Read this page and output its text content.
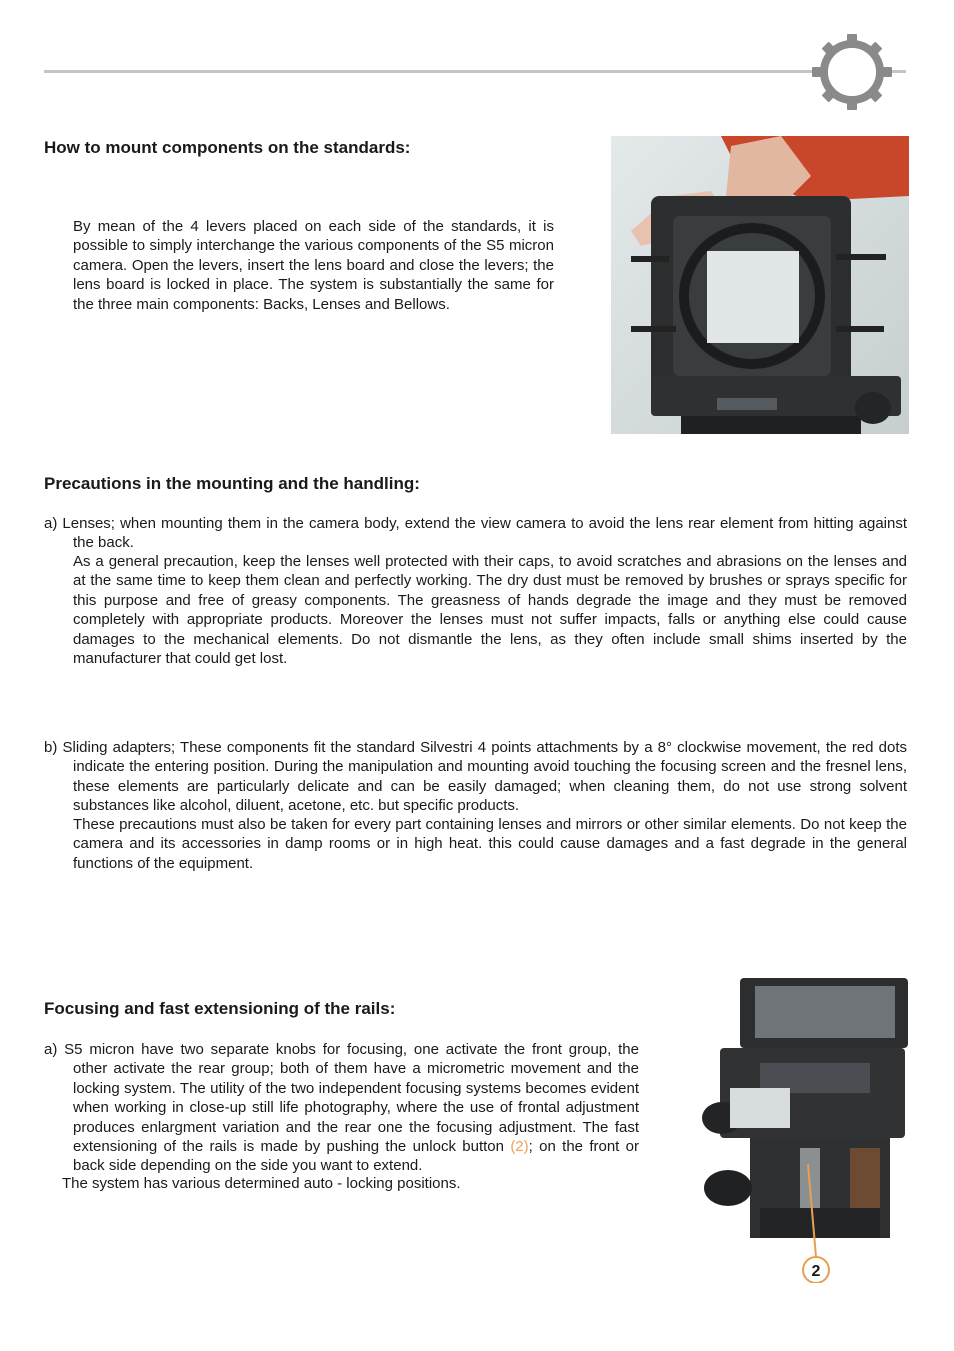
How to mount components on the standards:

By mean of the 4 levers placed on each side of the standards, it is possible to simply interchange the various components of the S5 micron camera. Open the levers, insert the lens board and close the levers; the lens board is locked in place. The system is substantially the same for the three main components: Backs, Lenses and Bellows.

Precautions in the mounting and the handling:

a) Lenses; when mounting them in the camera body, extend the view camera to avoid the lens rear element from hitting against the back.

As a general precaution, keep the lenses well protected with their caps, to avoid scratches and abrasions on the lenses and at the same time to keep them clean and perfectly working. The dry dust must be removed by brushes or sprays specific for this purpose and free of greasy components. The greasness of hands degrade the image and they must be removed completely with appropriate products. Moreover the lenses must not suffer impacts, falls or anything else could cause damages to the mechanical elements. Do not dismantle the lens, as they often include small shims inserted by the manufacturer that could get lost.

b) Sliding adapters; These components fit the standard Silvestri 4 points attachments by a 8° clockwise movement, the red dots indicate the entering position. During the manipulation and mounting avoid touching the focusing screen and the fresnel lens, these elements are particularly delicate and can be easily damaged; when cleaning them, do not use strong solvent substances like alcohol, diluent, acetone, etc. but specific products.

These precautions must also be taken for every part containing lenses and mirrors or other similar elements. Do not keep the camera and its accessories in damp rooms or in high heat. this could cause damages and a fast degrade in the general functions of the equipment.

Focusing and fast extensioning of the rails:

a) S5 micron have two separate knobs for focusing, one activate the front group, the other activate the rear group; both of them have a micrometric movement and the locking system. The utility of the two independent focusing systems becomes evident when working in close-up still life photography, where the use of frontal adjustment produces enlargment variation and the rear one the focusing adjustment. The fast extensioning of the rails is made by pushing the unlock button (2); on the front or back side depending on the side you want to extend.

The system has various determined auto - locking positions.

2
